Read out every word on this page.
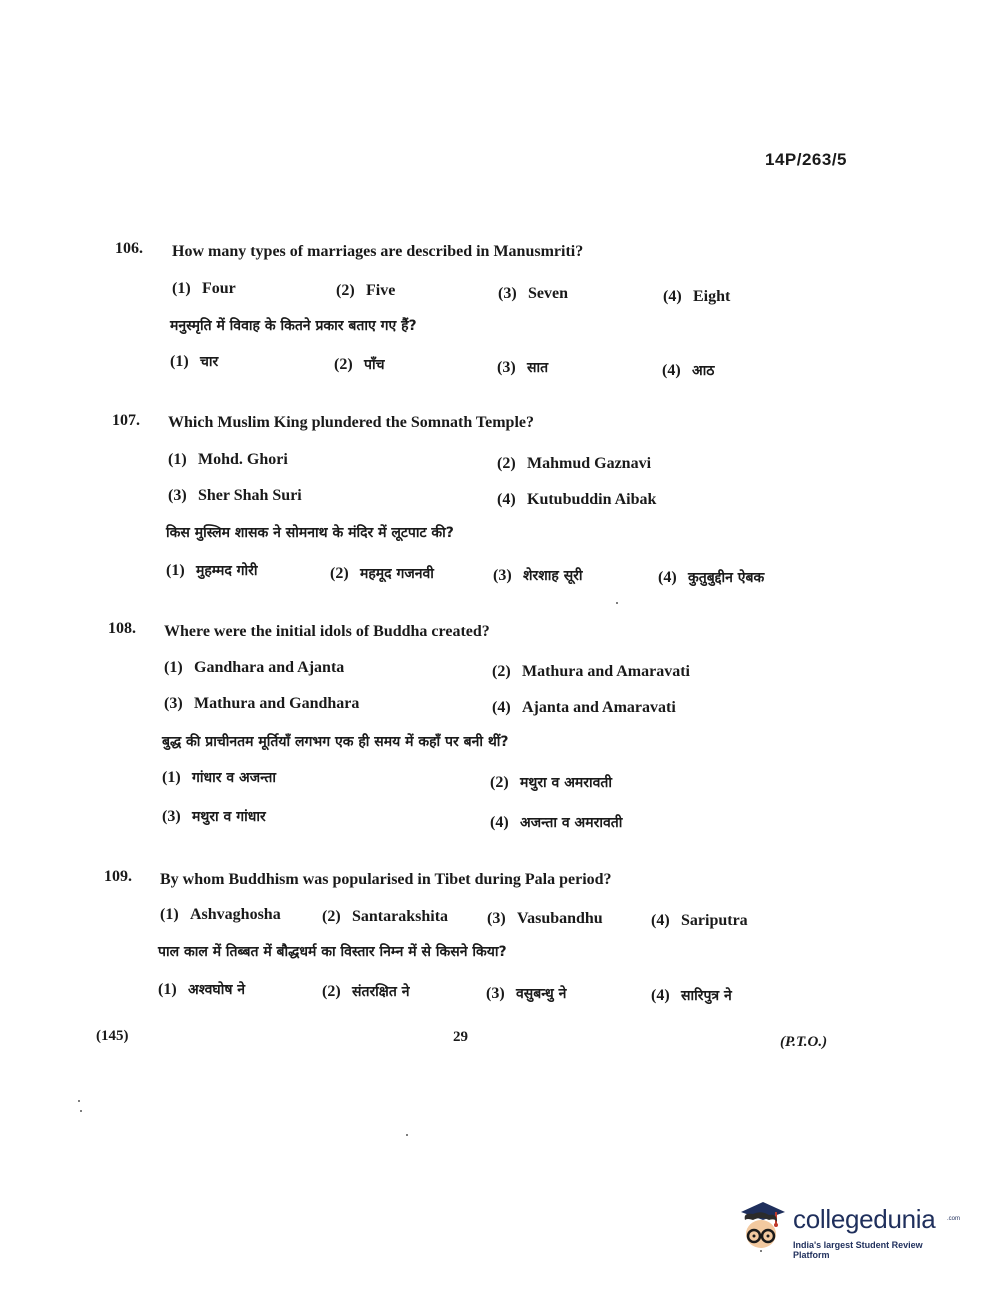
14P/263/5
106. How many types of marriages are described in Manusmriti?
(1) Four	(2) Five	(3) Seven	(4) Eight
मनुस्मृति में विवाह के कितने प्रकार बताए गए हैं?
(1) चार	(2) पाँच	(3) सात	(4) आठ
107. Which Muslim King plundered the Somnath Temple?
(1) Mohd. Ghori	(2) Mahmud Gaznavi
(3) Sher Shah Suri	(4) Kutubuddin Aibak
किस मुस्लिम शासक ने सोमनाथ के मंदिर में लूटपाट की?
(1) मुहम्मद गोरी	(2) महमूद गजनवी	(3) शेरशाह सूरी	(4) कुतुबुद्दीन ऐबक
108. Where were the initial idols of Buddha created?
(1) Gandhara and Ajanta	(2) Mathura and Amaravati
(3) Mathura and Gandhara	(4) Ajanta and Amaravati
बुद्ध की प्राचीनतम मूर्तियाँ लगभग एक ही समय में कहाँ पर बनी थीं?
(1) गांधार व अजन्ता	(2) मथुरा व अमरावती
(3) मथुरा व गांधार	(4) अजन्ता व अमरावती
109. By whom Buddhism was popularised in Tibet during Pala period?
(1) Ashvaghosha	(2) Santarakshita (3) Vasubandhu	(4) Sariputra
पाल काल में तिब्बत में बौद्धधर्म का विस्तार निम्न में से किसने किया?
(1) अश्वघोष ने	(2) संतरक्षित ने	(3) वसुबन्धु ने	(4) सारिपुत्र ने
(145)	29	(P.T.O.)
collegedunia .com
India's largest Student Review Platform
